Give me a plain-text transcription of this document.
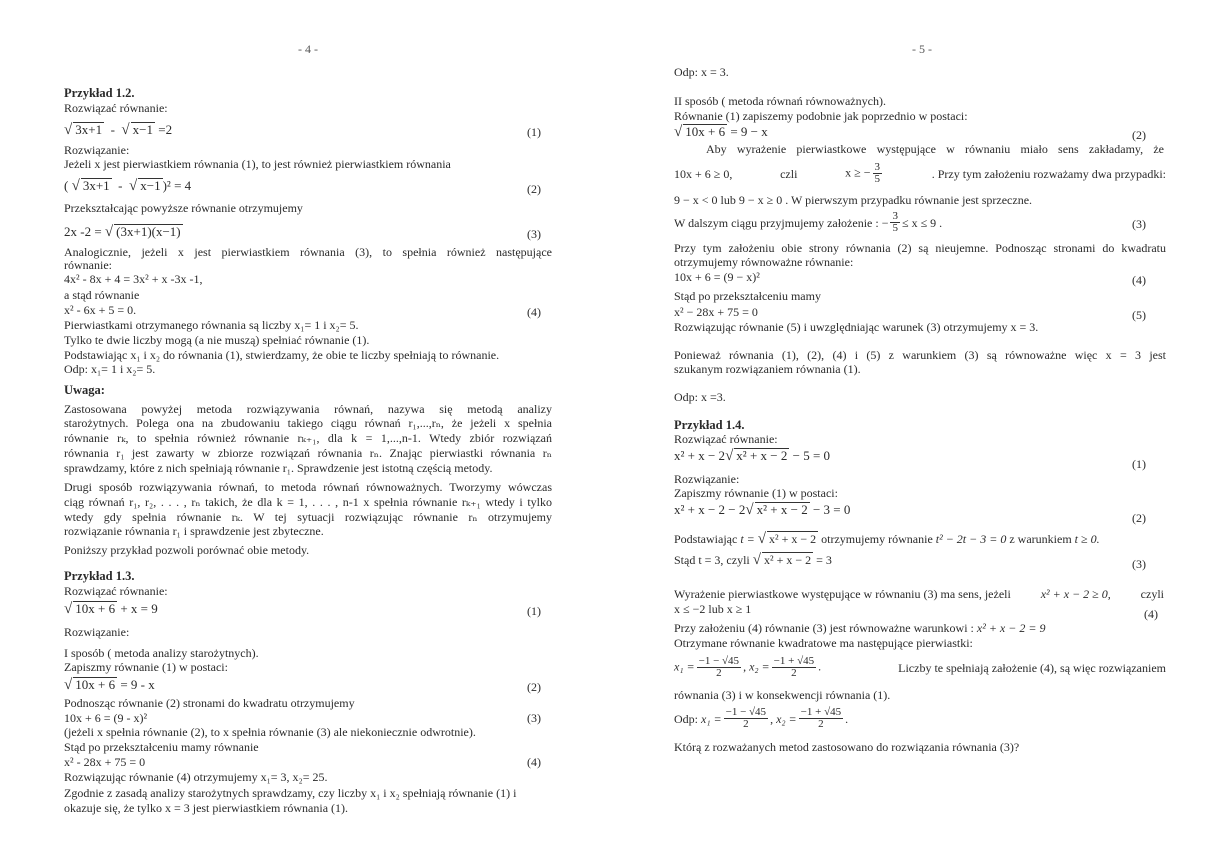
- 4 -
Przykład 1.2.
Rozwiązać równanie:
√ 3x+1  -  √ x−1 =2	(1)
Rozwiązanie:
Jeżeli x jest pierwiastkiem równania (1), to jest również pierwiastkiem równania
( √ 3x+1  -  √ x−1 )² = 4	(2)
Przekształcając powyższe równanie otrzymujemy
2x -2 = √ (3x+1)(x−1)	(3)
Analogicznie, jeżeli x jest pierwiastkiem równania (3), to spełnia również następujące
równanie:
4x² - 8x + 4 = 3x² + x -3x -1,
a stąd równanie
x² - 6x + 5 = 0.	(4)
Pierwiastkami otrzymanego równania są liczby x₁= 1 i x₂= 5.
Tylko te dwie liczby mogą (a nie muszą) spełniać równanie (1).
Podstawiając x₁ i x₂ do równania (1), stwierdzamy, że obie te liczby spełniają to równanie.
Odp: x₁= 1 i x₂= 5.
Uwaga:
Zastosowana powyżej metoda rozwiązywania równań, nazywa się metodą analizy
starożytnych. Polega ona na zbudowaniu takiego ciągu równań r₁,...,rₙ, że jeżeli x spełnia
równanie rₖ, to spełnia również równanie rₖ₊₁, dla k = 1,...,n-1. Wtedy zbiór rozwiązań
równania r₁ jest zawarty w zbiorze rozwiązań równania rₙ. Znając pierwiastki równania rₙ
sprawdzamy, które z nich spełniają równanie r₁. Sprawdzenie jest istotną częścią metody.
Drugi sposób rozwiązywania równań, to metoda równań równoważnych. Tworzymy wówczas
ciąg równań r₁, r₂, . . . , rₙ takich, że dla k = 1, . . . , n-1 x spełnia równanie rₖ₊₁ wtedy i tylko
wtedy gdy spełnia równanie rₖ. W tej sytuacji rozwiązując równanie rₙ otrzymujemy
rozwiązanie równania r₁ i sprawdzenie jest zbyteczne.
Poniższy przykład pozwoli porównać obie metody.
Przykład 1.3.
Rozwiązać równanie:
√ 10x + 6 + x = 9	(1)
Rozwiązanie:
I sposób ( metoda analizy starożytnych).
Zapiszmy równanie (1) w postaci:
√ 10x + 6 = 9 - x	(2)
Podnosząc równanie (2) stronami do kwadratu otrzymujemy
10x + 6 = (9 - x)²	(3)
(jeżeli x spełnia równanie (2), to x spełnia równanie (3) ale niekoniecznie odwrotnie).
Stąd po przekształceniu mamy równanie
x² - 28x + 75 = 0	(4)
Rozwiązując równanie (4) otrzymujemy x₁= 3, x₂= 25.
Zgodnie z zasadą analizy starożytnych sprawdzamy, czy liczby x₁ i x₂ spełniają równanie (1) i
okazuje się, że tylko x = 3 jest pierwiastkiem równania (1).
- 5 -
Odp: x = 3.
II sposób ( metoda równań równoważnych).
Równanie (1) zapiszemy podobnie jak poprzednio w postaci:
√ 10x + 6 = 9 − x	(2)
Aby wyrażenie pierwiastkowe występujące w równaniu miało sens zakładamy, że
10x + 6 ≥ 0,	czli	x ≥ − $\frac{3}{5}$	. Przy tym założeniu rozważamy dwa przypadki:
9 − x < 0 lub 9 − x ≥ 0 . W pierwszym przypadku równanie jest sprzeczne.
W dalszym ciągu przyjmujemy założenie : − $\frac{3}{5} \le x \le 9$ .	(3)
Przy tym założeniu obie strony równania (2) są nieujemne. Podnosząc stronami do kwadratu
otrzymujemy równoważne równanie:
10x + 6 = (9 − x)²	(4)
Stąd po przekształceniu mamy
x² − 28x + 75 = 0	(5)
Rozwiązując równanie (5) i uwzględniając warunek (3) otrzymujemy x = 3.
Ponieważ równania (1), (2), (4) i (5) z warunkiem (3) są równoważne więc x = 3 jest
szukanym rozwiązaniem równania (1).
Odp: x =3.
Przykład 1.4.
Rozwiązać równanie:
x² + x − 2√ x² + x − 2 − 5 = 0
(1)
Rozwiązanie:
Zapiszmy równanie (1) w postaci:
x² + x − 2 − 2√ x² + x − 2 − 3 = 0
(2)
Podstawiając t = √ x² + x − 2 otrzymujemy równanie t² − 2t − 3 = 0 z warunkiem t ≥ 0.
Stąd t = 3, czyli √ x² + x − 2 = 3	(3)
Wyrażenie pierwiastkowe występujące w równaniu (3) ma sens, jeżeli x² + x − 2 ≥ 0, czyli
x ≤ −2 lub x ≥ 1	(4)
Przy założeniu (4) równanie (3) jest równoważne warunkowi : x² + x − 2 = 9
Otrzymane równanie kwadratowe ma następujące pierwiastki:
$x_1 = \frac{-1 - √45}{2}$ , $x_2 = \frac{-1 + √45}{2}$ .	Liczby te spełniają założenie (4), są więc rozwiązaniem
równania (3) i w konsekwencji równania (1).
Odp:
$x_1 = \frac{-1 - √45}{2}$ , $x_2 = \frac{-1 + √45}{2}$ .
Którą z rozważanych metod zastosowano do rozwiązania równania (3)?
